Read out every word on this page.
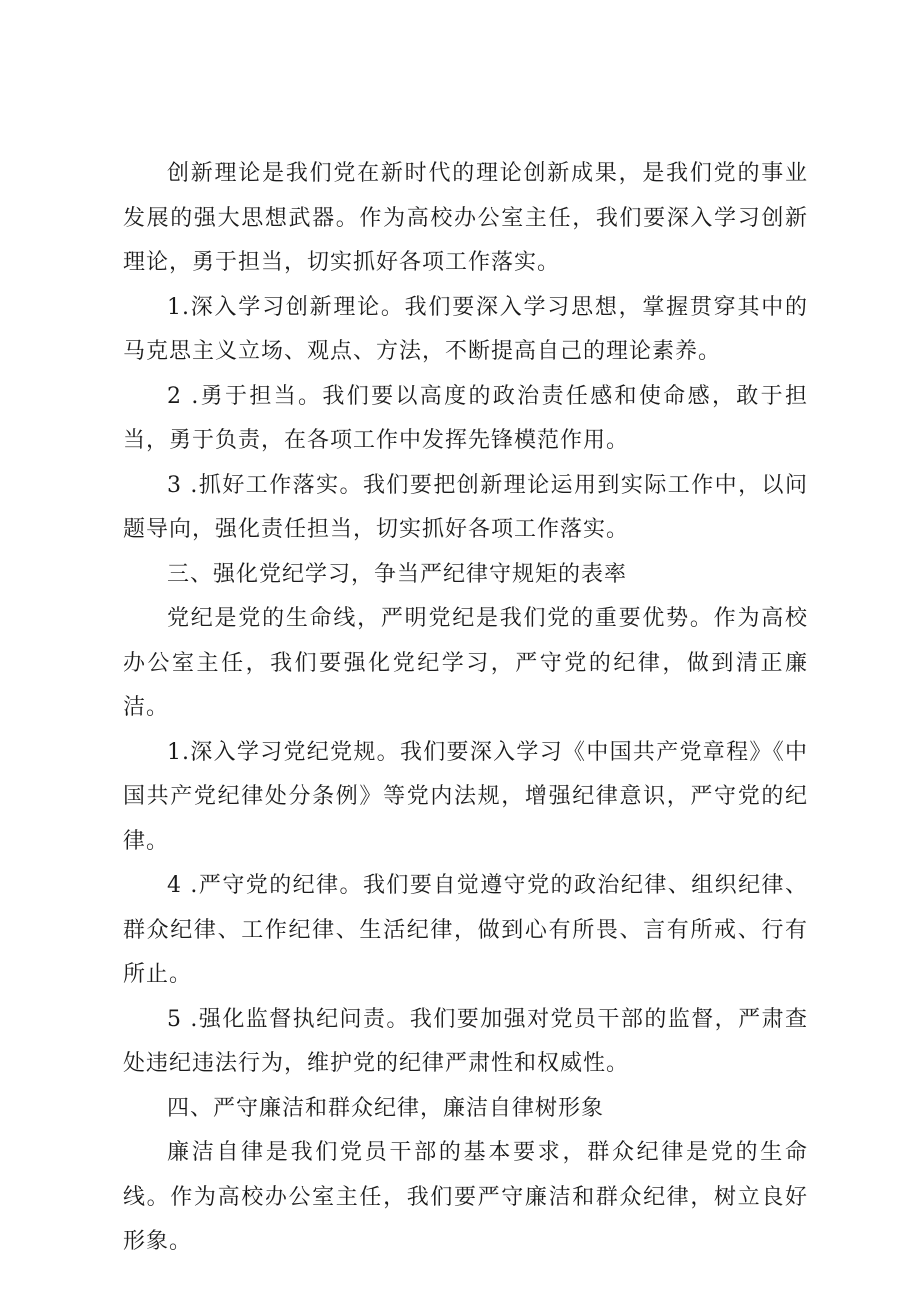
创新理论是我们党在新时代的理论创新成果，是我们党的事业发展的强大思想武器。作为高校办公室主任，我们要深入学习创新理论，勇于担当，切实抓好各项工作落实。

1.深入学习创新理论。我们要深入学习思想，掌握贯穿其中的马克思主义立场、观点、方法，不断提高自己的理论素养。

2 .勇于担当。我们要以高度的政治责任感和使命感，敢于担当，勇于负责，在各项工作中发挥先锋模范作用。

3 .抓好工作落实。我们要把创新理论运用到实际工作中，以问题导向，强化责任担当，切实抓好各项工作落实。

三、强化党纪学习，争当严纪律守规矩的表率

党纪是党的生命线，严明党纪是我们党的重要优势。作为高校办公室主任，我们要强化党纪学习，严守党的纪律，做到清正廉洁。

1.深入学习党纪党规。我们要深入学习《中国共产党章程》《中国共产党纪律处分条例》等党内法规，增强纪律意识，严守党的纪律。

4 .严守党的纪律。我们要自觉遵守党的政治纪律、组织纪律、群众纪律、工作纪律、生活纪律，做到心有所畏、言有所戒、行有所止。

5 .强化监督执纪问责。我们要加强对党员干部的监督，严肃查处违纪违法行为，维护党的纪律严肃性和权威性。

四、严守廉洁和群众纪律，廉洁自律树形象

廉洁自律是我们党员干部的基本要求，群众纪律是党的生命线。作为高校办公室主任，我们要严守廉洁和群众纪律，树立良好形象。
